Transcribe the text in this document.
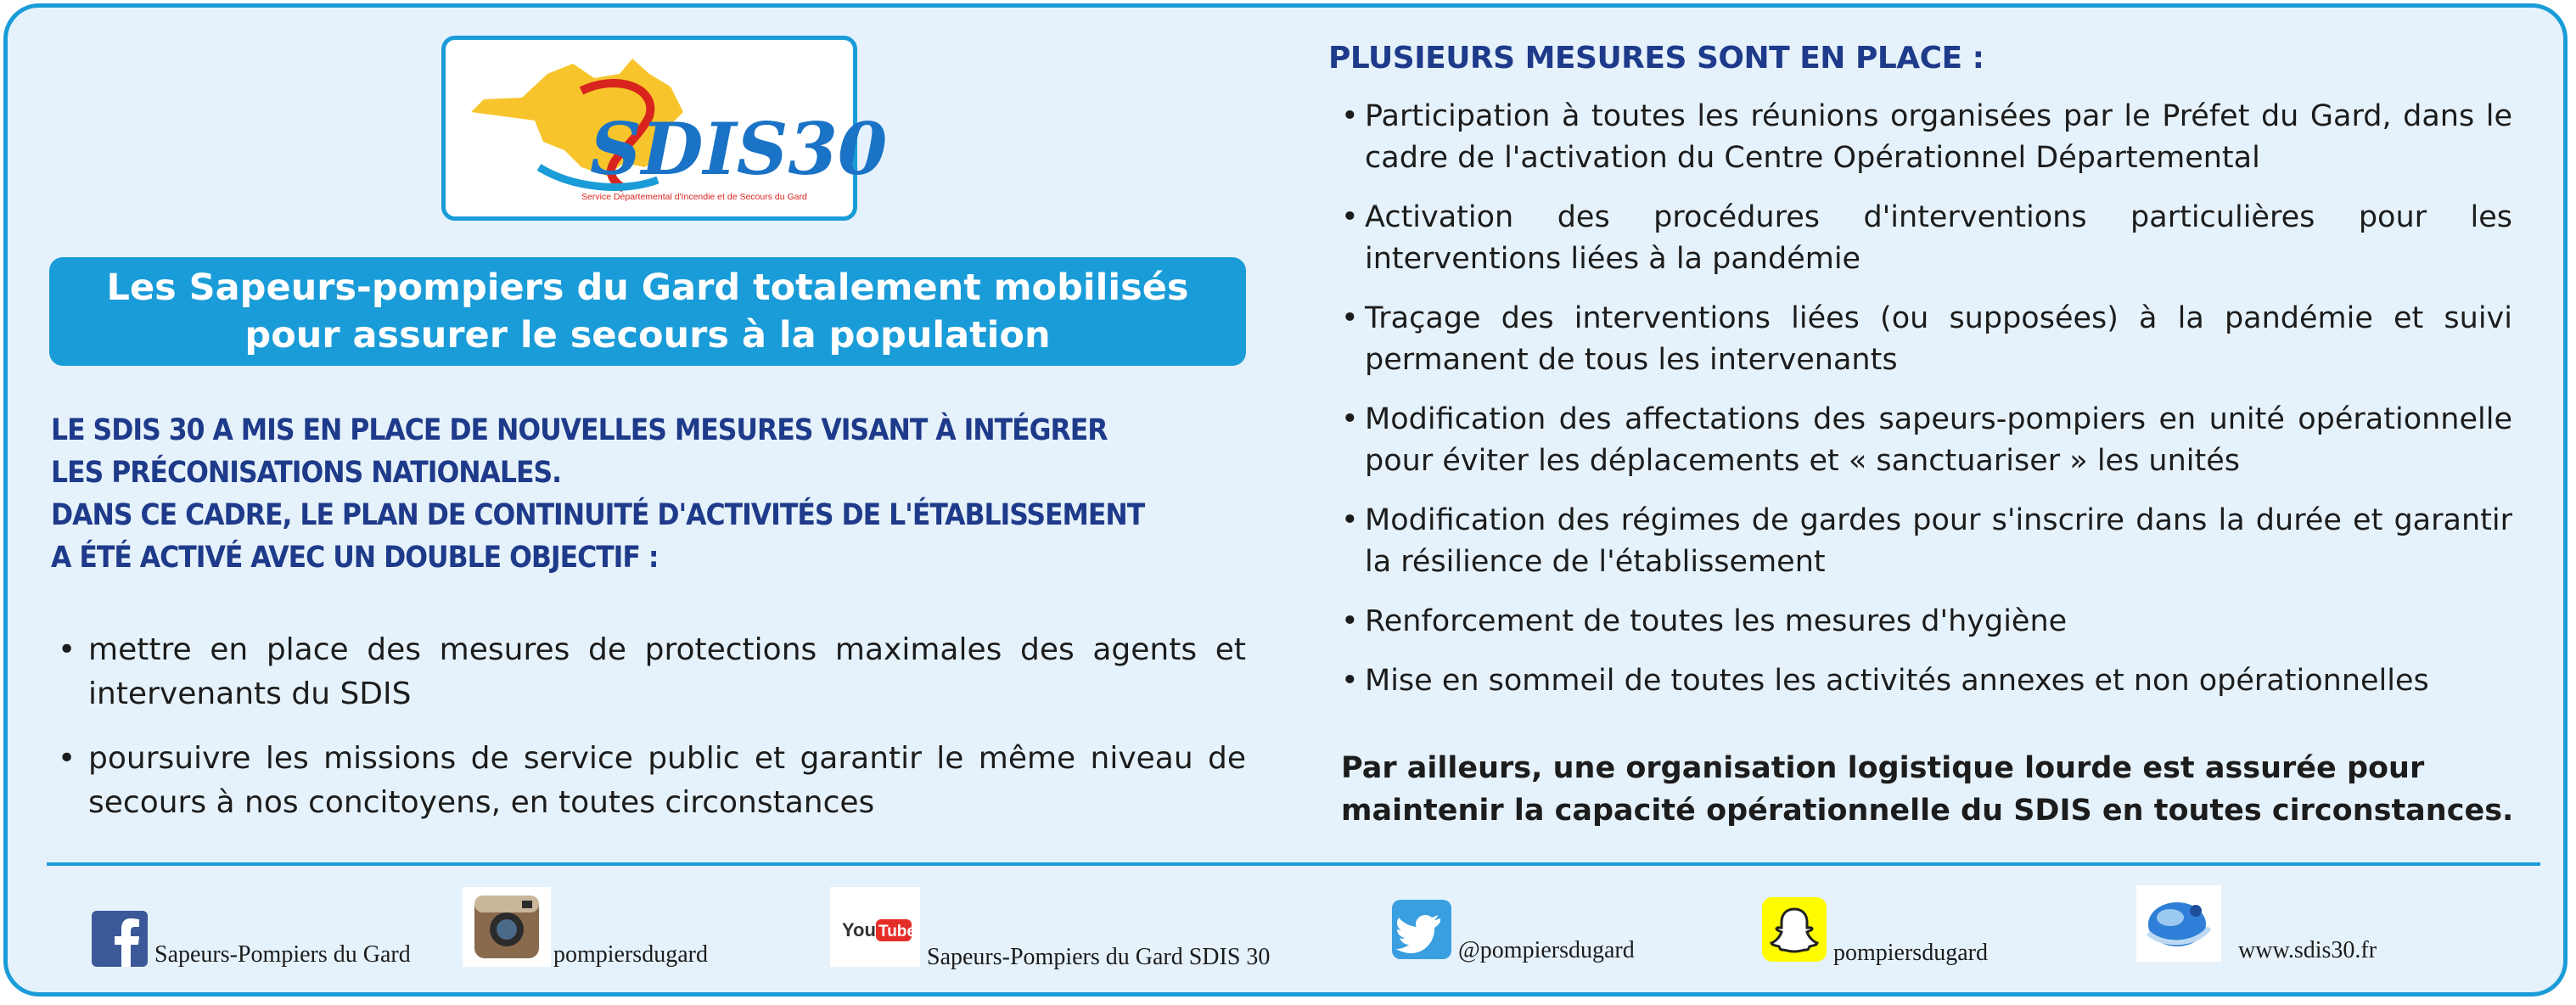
SDIS30
Service Départemental d'Incendie et de Secours du Gard
Les Sapeurs-pompiers du Gard totalement mobilisés
pour assurer le secours à la population
LE SDIS 30 A MIS EN PLACE DE NOUVELLES MESURES VISANT À INTÉGRER
LES PRÉCONISATIONS NATIONALES.
DANS CE CADRE, LE PLAN DE CONTINUITÉ D'ACTIVITÉS DE L'ÉTABLISSEMENT
A ÉTÉ ACTIVÉ AVEC UN DOUBLE OBJECTIF :
• mettre en place des mesures de protections maximales des agents et intervenants du SDIS
• poursuivre les missions de service public et garantir le même niveau de secours à nos concitoyens, en toutes circonstances
PLUSIEURS MESURES SONT EN PLACE :
• Participation à toutes les réunions organisées par le Préfet du Gard, dans le cadre de l'activation du Centre Opérationnel Départemental
• Activation des procédures d'interventions particulières pour les interventions liées à la pandémie
• Traçage des interventions liées (ou supposées) à la pandémie et suivi permanent de tous les intervenants
• Modification des affectations des sapeurs-pompiers en unité opérationnelle pour éviter les déplacements et « sanctuariser » les unités
• Modification des régimes de gardes pour s'inscrire dans la durée et garantir la résilience de l'établissement
• Renforcement de toutes les mesures d'hygiène
• Mise en sommeil de toutes les activités annexes et non opérationnelles
Par ailleurs, une organisation logistique lourde est assurée pour maintenir la capacité opérationnelle du SDIS en toutes circonstances.
Sapeurs-Pompiers du Gard	pompiersdugard
You Tube
Sapeurs-Pompiers du Gard SDIS 30	@pompiersdugard	pompiersdugard	www.sdis30.fr
